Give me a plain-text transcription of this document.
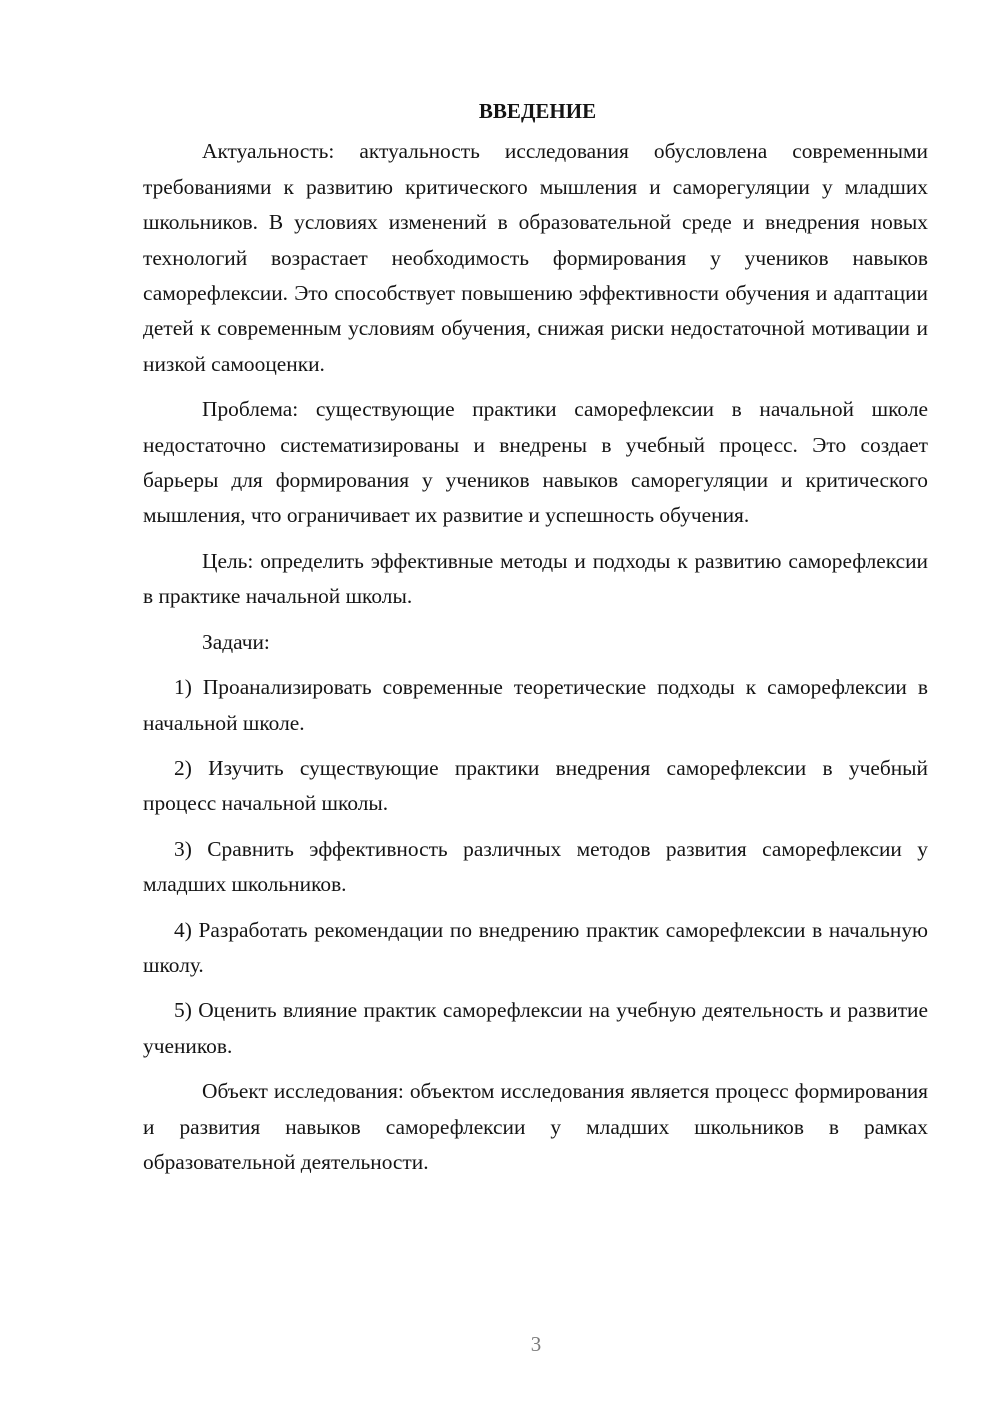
ВВЕДЕНИЕ

Актуальность: актуальность исследования обусловлена современными требованиями к развитию критического мышления и саморегуляции у младших школьников. В условиях изменений в образовательной среде и внедрения новых технологий возрастает необходимость формирования у учеников навыков саморефлексии. Это способствует повышению эффективности обучения и адаптации детей к современным условиям обучения, снижая риски недостаточной мотивации и низкой самооценки.

Проблема: существующие практики саморефлексии в начальной школе недостаточно систематизированы и внедрены в учебный процесс. Это создает барьеры для формирования у учеников навыков саморегуляции и критического мышления, что ограничивает их развитие и успешность обучения.

Цель: определить эффективные методы и подходы к развитию саморефлексии в практике начальной школы.

Задачи:

1) Проанализировать современные теоретические подходы к саморефлексии в начальной школе.

2) Изучить существующие практики внедрения саморефлексии в учебный процесс начальной школы.

3) Сравнить эффективность различных методов развития саморефлексии у младших школьников.

4) Разработать рекомендации по внедрению практик саморефлексии в начальную школу.

5) Оценить влияние практик саморефлексии на учебную деятельность и развитие учеников.

Объект исследования: объектом исследования является процесс формирования и развития навыков саморефлексии у младших школьников в рамках образовательной деятельности.

3
